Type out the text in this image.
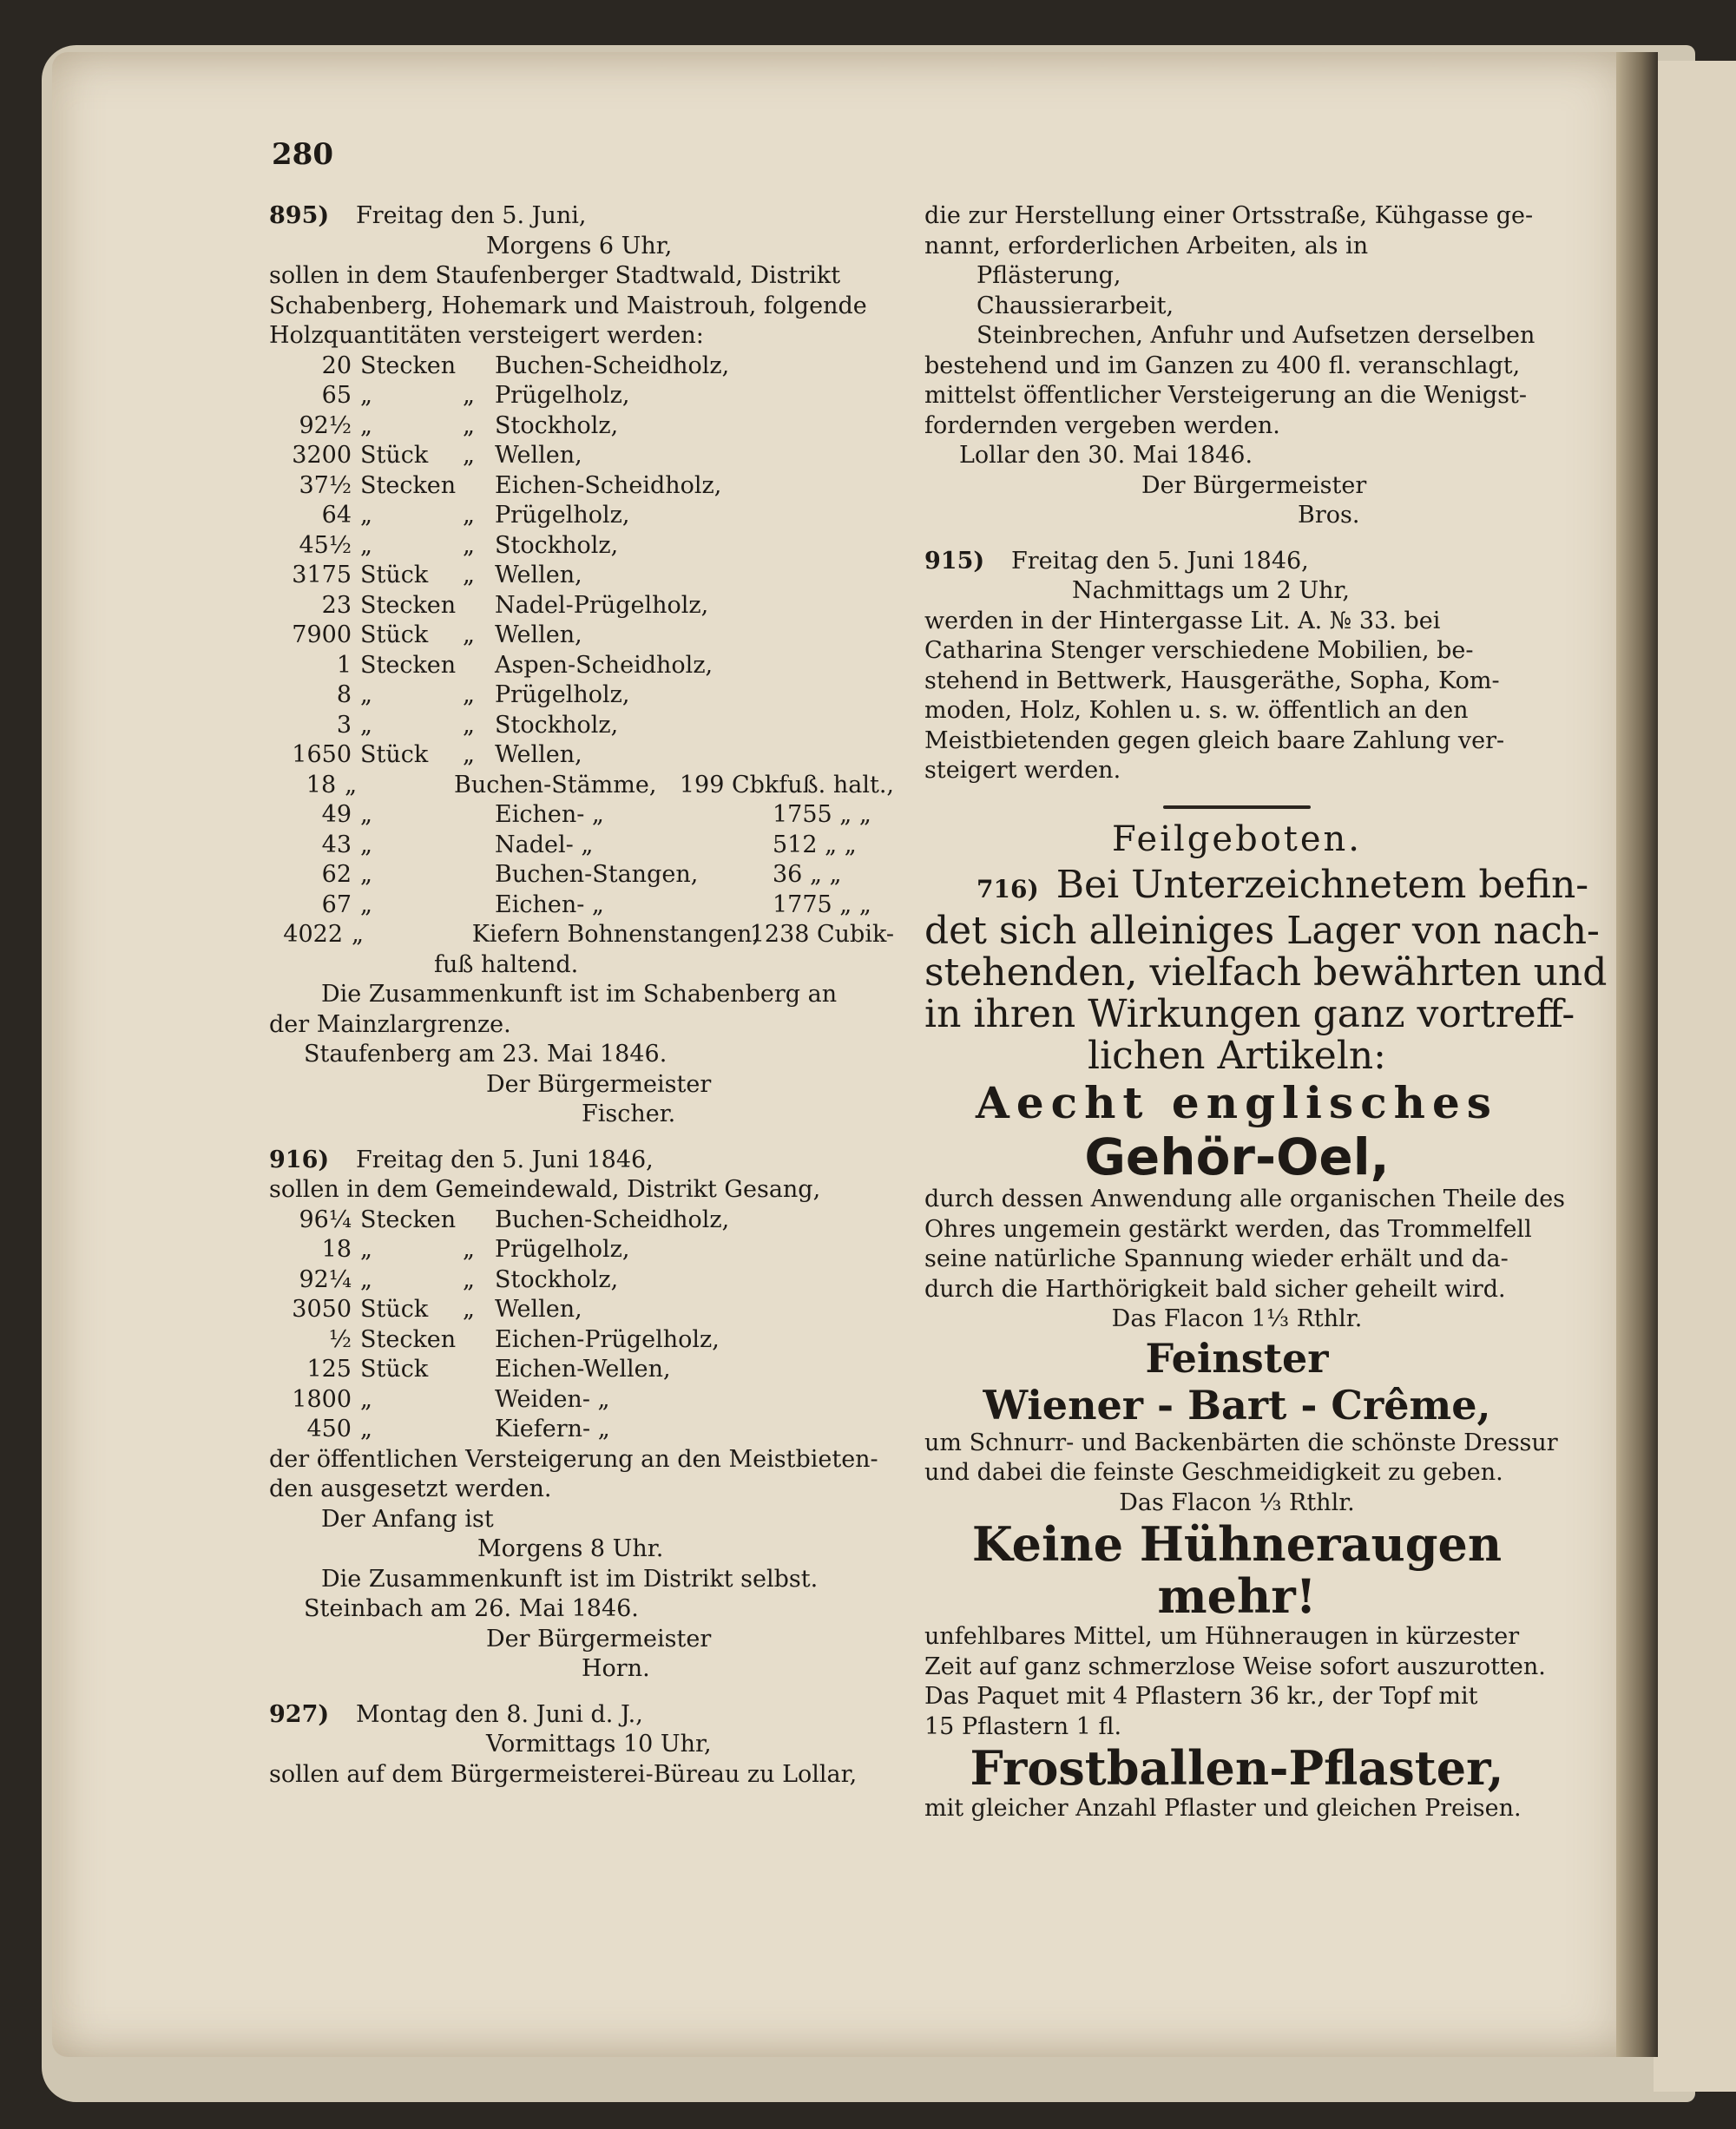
280
895) Freitag den 5. Juni,
Morgens 6 Uhr,
sollen in dem Staufenberger Stadtwald, Distrikt
Schabenberg, Hohemark und Maistrouh, folgende
Holzquantitäten versteigert werden:
20 Stecken Buchen-Scheidholz,
65 „	„ Prügelholz,
92½ „	„ Stockholz,
3200 Stück	„ Wellen,
37½ Stecken Eichen-Scheidholz,
64 „	„ Prügelholz,
45½ „	„ Stockholz,
3175 Stück	„ Wellen,
23 Stecken Nadel-Prügelholz,
7900 Stück	„ Wellen,
1 Stecken Aspen-Scheidholz,
8 „	„ Prügelholz,
3 „	„ Stockholz,
1650 Stück	„ Wellen,
18 „	Buchen-Stämme, 199 Cbkfuß. halt.,
49 „	Eichen- „	1755 „ „
43 „	Nadel- „	512 „ „
62 „	Buchen-Stangen,	36 „ „
67 „	Eichen- „	1775 „ „
4022 „	Kiefern Bohnenstangen,
1238 Cubik-
fuß haltend.
Die Zusammenkunft ist im Schabenberg an
der Mainzlargrenze.
Staufenberg am 23. Mai 1846.
Der Bürgermeister
Fischer.
916) Freitag den 5. Juni 1846,
sollen in dem Gemeindewald, Distrikt Gesang,
96¼ Stecken Buchen-Scheidholz,
18 „	„ Prügelholz,
92¼ „	„ Stockholz,
3050 Stück	„ Wellen,
½ Stecken Eichen-Prügelholz,
125 Stück	Eichen-Wellen,
1800 „	Weiden- „
450 „	Kiefern- „
der öffentlichen Versteigerung an den Meistbieten-
den ausgesetzt werden.
Der Anfang ist
Morgens 8 Uhr.
Die Zusammenkunft ist im Distrikt selbst.
Steinbach am 26. Mai 1846.
Der Bürgermeister
Horn.
927) Montag den 8. Juni d. J.,
Vormittags 10 Uhr,
sollen auf dem Bürgermeisterei-Büreau zu Lollar,
die zur Herstellung einer Ortsstraße, Kühgasse ge-
nannt, erforderlichen Arbeiten, als in
Pflästerung,
Chaussierarbeit,
Steinbrechen, Anfuhr und Aufsetzen derselben
bestehend und im Ganzen zu 400 fl. veranschlagt,
mittelst öffentlicher Versteigerung an die Wenigst-
fordernden vergeben werden.
Lollar den 30. Mai 1846.
Der Bürgermeister
Bros.
915) Freitag den 5. Juni 1846,
Nachmittags um 2 Uhr,
werden in der Hintergasse Lit. A. № 33. bei
Catharina Stenger verschiedene Mobilien, be-
stehend in Bettwerk, Hausgeräthe, Sopha, Kom-
moden, Holz, Kohlen u. s. w. öffentlich an den
Meistbietenden gegen gleich baare Zahlung ver-
steigert werden.
Feilgeboten.
716) Bei Unterzeichnetem befin-
det sich alleiniges Lager von nach-
stehenden, vielfach bewährten und
in ihren Wirkungen ganz vortreff-
lichen Artikeln:
Aecht englisches
Gehör-Oel,
durch dessen Anwendung alle organischen Theile des
Ohres ungemein gestärkt werden, das Trommelfell
seine natürliche Spannung wieder erhält und da-
durch die Harthörigkeit bald sicher geheilt wird.
Das Flacon 1⅓ Rthlr.
Feinster
Wiener - Bart - Crême,
um Schnurr- und Backenbärten die schönste Dressur
und dabei die feinste Geschmeidigkeit zu geben.
Das Flacon ⅓ Rthlr.
Keine Hühneraugen
mehr!
unfehlbares Mittel, um Hühneraugen in kürzester
Zeit auf ganz schmerzlose Weise sofort auszurotten.
Das Paquet mit 4 Pflastern 36 kr., der Topf mit
15 Pflastern 1 fl.
Frostballen-Pflaster,
mit gleicher Anzahl Pflaster und gleichen Preisen.
